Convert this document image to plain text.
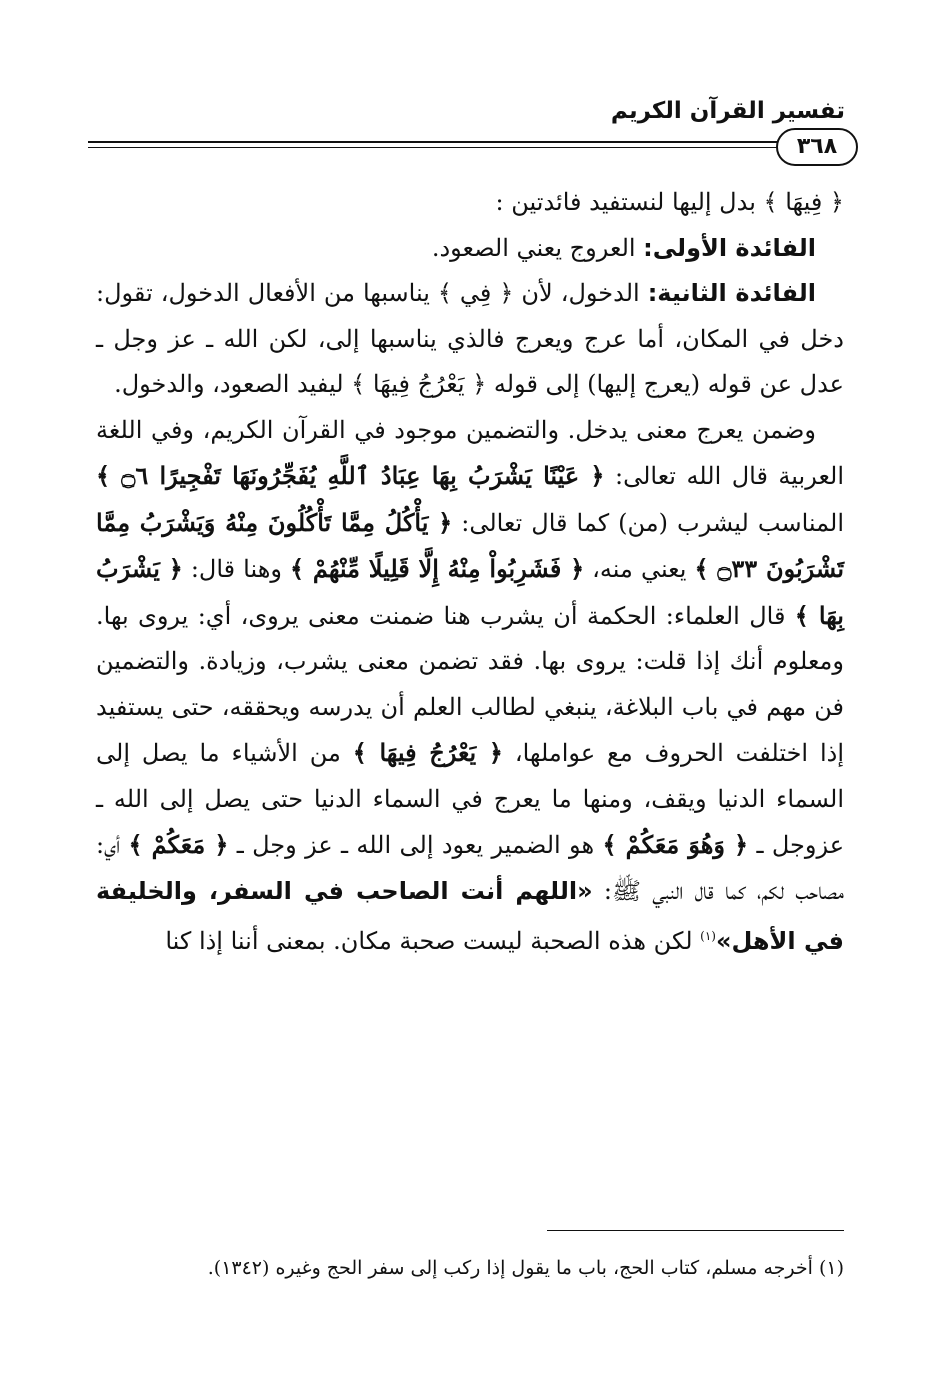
تفسير القرآن الكريم
٣٦٨

﴿ فِيهَا ﴾ بدل إليها لنستفيد فائدتين :

الفائدة الأولى: العروج يعني الصعود.

الفائدة الثانية: الدخول، لأن ﴿ فِي ﴾ يناسبها من الأفعال الدخول، تقول: دخل في المكان، أما عرج ويعرج فالذي يناسبها إلى، لكن الله ـ عز وجل ـ عدل عن قوله (يعرج إليها) إلى قوله ﴿ يَعْرُجُ فِيهَا ﴾ ليفيد الصعود، والدخول.

وضمن يعرج معنى يدخل. والتضمين موجود في القرآن الكريم، وفي اللغة العربية قال الله تعالى: ﴿ عَيْنًا يَشْرَبُ بِهَا عِبَادُ ٱللَّهِ يُفَجِّرُونَهَا تَفْجِيرًا ۝٦ ﴾ المناسب ليشرب (من) كما قال تعالى: ﴿ يَأْكُلُ مِمَّا تَأْكُلُونَ مِنْهُ وَيَشْرَبُ مِمَّا تَشْرَبُونَ ۝٣٣ ﴾ يعني منه، ﴿ فَشَرِبُواْ مِنْهُ إِلَّا قَلِيلًا مِّنْهُمْ ﴾ وهنا قال: ﴿ يَشْرَبُ بِهَا ﴾ قال العلماء: الحكمة أن يشرب هنا ضمنت معنى يروى، أي: يروى بها. ومعلوم أنك إذا قلت: يروى بها. فقد تضمن معنى يشرب، وزيادة. والتضمين فن مهم في باب البلاغة، ينبغي لطالب العلم أن يدرسه ويحققه، حتى يستفيد إذا اختلفت الحروف مع عواملها، ﴿ يَعْرُجُ فِيهَا ﴾ من الأشياء ما يصل إلى السماء الدنيا ويقف، ومنها ما يعرج في السماء الدنيا حتى يصل إلى الله ـ عزوجل ـ ﴿ وَهُوَ مَعَكُمْ ﴾ هو الضمير يعود إلى الله ـ عز وجل ـ ﴿ مَعَكُمْ ﴾ أي: مصاحب لكم، كما قال النبي ﷺ: «اللهم أنت الصاحب في السفر، والخليفة في الأهل»$^{(١)}$ لكن هذه الصحبة ليست صحبة مكان. بمعنى أننا إذا كنا

(١) أخرجه مسلم، كتاب الحج، باب ما يقول إذا ركب إلى سفر الحج وغيره (١٣٤٢).
